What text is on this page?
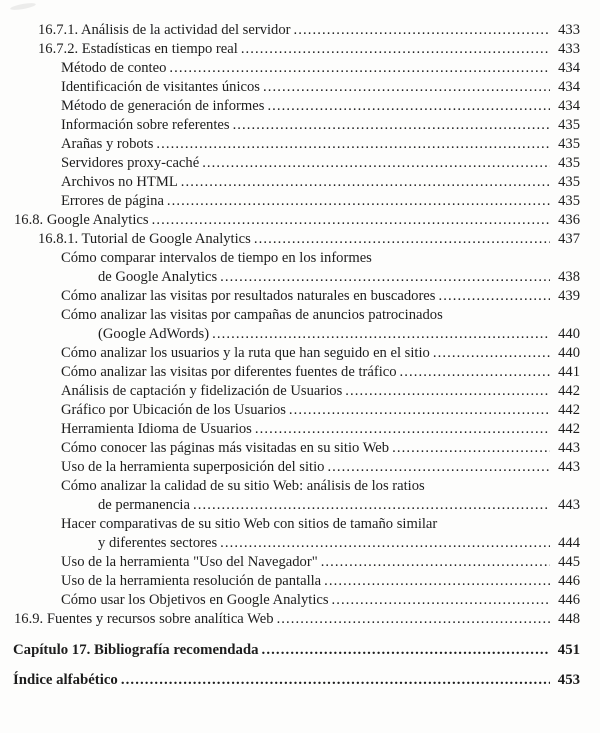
16.7.1. Análisis de la actividad del servidor .....	433
16.7.2. Estadísticas en tiempo real .....	433
Método de conteo .....	434
Identificación de visitantes únicos .....	434
Método de generación de informes .....	434
Información sobre referentes .....	435
Arañas y robots .....	435
Servidores proxy-caché .....	435
Archivos no HTML .....	435
Errores de página .....	435
16.8. Google Analytics .....	436
16.8.1. Tutorial de Google Analytics .....	437
Cómo comparar intervalos de tiempo en los informes
de Google Analytics .....	438
Cómo analizar las visitas por resultados naturales en buscadores .....	439
Cómo analizar las visitas por campañas de anuncios patrocinados
(Google AdWords) .....	440
Cómo analizar los usuarios y la ruta que han seguido en el sitio .....	440
Cómo analizar las visitas por diferentes fuentes de tráfico .....	441
Análisis de captación y fidelización de Usuarios .....	442
Gráfico por Ubicación de los Usuarios .....	442
Herramienta Idioma de Usuarios .....	442
Cómo conocer las páginas más visitadas en su sitio Web .....	443
Uso de la herramienta superposición del sitio .....	443
Cómo analizar la calidad de su sitio Web: análisis de los ratios
de permanencia .....	443
Hacer comparativas de su sitio Web con sitios de tamaño similar
y diferentes sectores .....	444
Uso de la herramienta "Uso del Navegador" .....	445
Uso de la herramienta resolución de pantalla .....	446
Cómo usar los Objetivos en Google Analytics .....	446
16.9. Fuentes y recursos sobre analítica Web .....	448
Capítulo 17. Bibliografía recomendada .....	451
Índice alfabético .....	453
